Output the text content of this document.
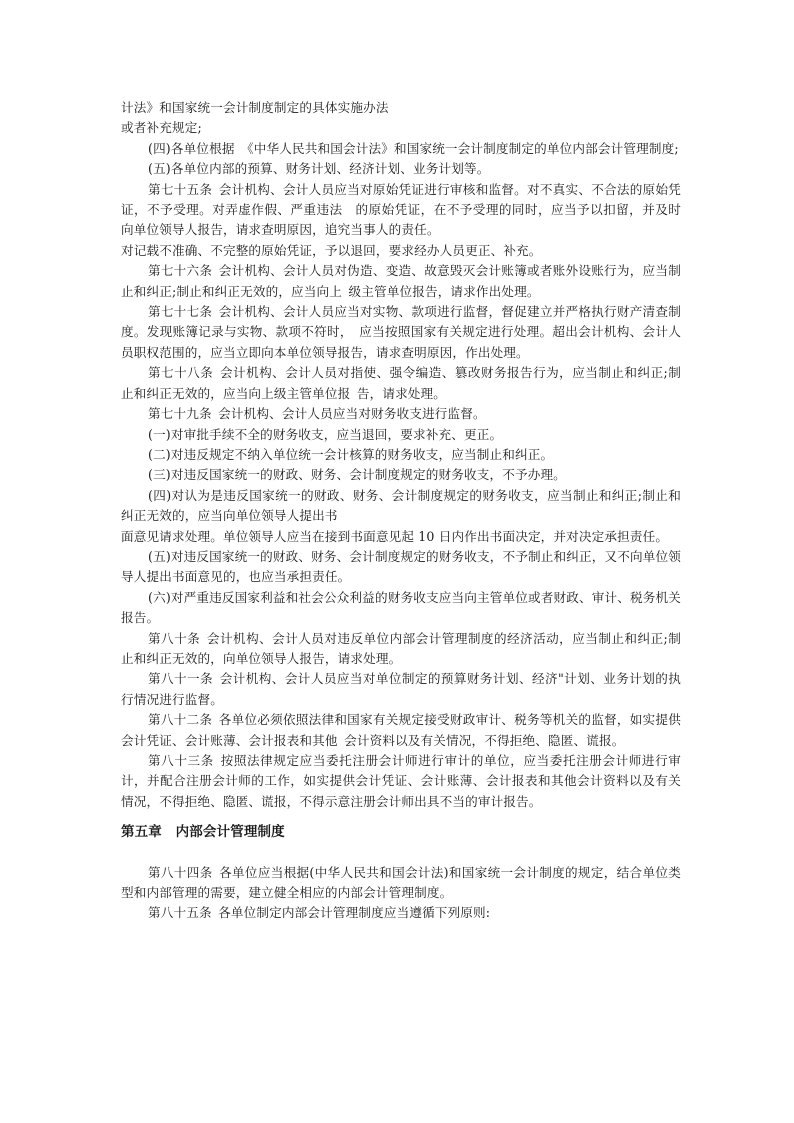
计法》和国家统一会计制度制定的具体实施办法

或者补充规定;

(四)各单位根据　《中华人民共和国会计法》和国家统一会计制度制定的单位内部会计管理制度;

(五)各单位内部的预算、财务计划、经济计划、业务计划等。

第七十五条 会计机构、会计人员应当对原始凭证进行审核和监督。对不真实、不合法的原始凭证，不予受理。对弄虚作假、严重违法　的原始凭证，在不予受理的同时，应当予以扣留，并及时向单位领导人报告，请求查明原因，追究当事人的责任。

对记载不准确、不完整的原始凭证，予以退回，要求经办人员更正、补充。

第七十六条 会计机构、会计人员对伪造、变造、故意毁灭会计账簿或者账外设账行为，应当制止和纠正;制止和纠正无效的，应当向上 级主管单位报告，请求作出处理。

第七十七条 会计机构、会计人员应当对实物、款项进行监督，督促建立并严格执行财产清查制度。发现账簿记录与实物、款项不符时， 应当按照国家有关规定进行处理。超出会计机构、会计人员职权范围的，应当立即向本单位领导报告，请求查明原因，作出处理。

第七十八条 会计机构、会计人员对指使、强令编造、篡改财务报告行为，应当制止和纠正;制止和纠正无效的，应当向上级主管单位报 告，请求处理。

第七十九条 会计机构、会计人员应当对财务收支进行监督。

(一)对审批手续不全的财务收支，应当退回，要求补充、更正。

(二)对违反规定不纳入单位统一会计核算的财务收支，应当制止和纠正。

(三)对违反国家统一的财政、财务、会计制度规定的财务收支，不予办理。

(四)对认为是违反国家统一的财政、财务、会计制度规定的财务收支，应当制止和纠正;制止和纠正无效的，应当向单位领导人提出书

面意见请求处理。单位领导人应当在接到书面意见起 10 日内作出书面决定，并对决定承担责任。

(五)对违反国家统一的财政、财务、会计制度规定的财务收支，不予制止和纠正，又不向单位领导人提出书面意见的，也应当承担责任。

(六)对严重违反国家利益和社会公众利益的财务收支应当向主管单位或者财政、审计、税务机关报告。

第八十条 会计机构、会计人员对违反单位内部会计管理制度的经济活动，应当制止和纠正;制止和纠正无效的，向单位领导人报告，请求处理。

第八十一条 会计机构、会计人员应当对单位制定的预算财务计划、经济"计划、业务计划的执行情况进行监督。

第八十二条 各单位必须依照法律和国家有关规定接受财政审计、税务等机关的监督，如实提供会计凭证、会计账薄、会计报表和其他 会计资料以及有关情况，不得拒绝、隐匿、谎报。

第八十三条 按照法律规定应当委托注册会计师进行审计的单位，应当委托注册会计师进行审计，并配合注册会计师的工作，如实提供会计凭证、会计账薄、会计报表和其他会计资料以及有关情况，不得拒绝、隐匿、谎报，不得示意注册会计师出具不当的审计报告。

第五章　内部会计管理制度

第八十四条 各单位应当根据(中华人民共和国会计法)和国家统一会计制度的规定，结合单位类型和内部管理的需要，建立健全相应的内部会计管理制度。

第八十五条 各单位制定内部会计管理制度应当遵循下列原则:
